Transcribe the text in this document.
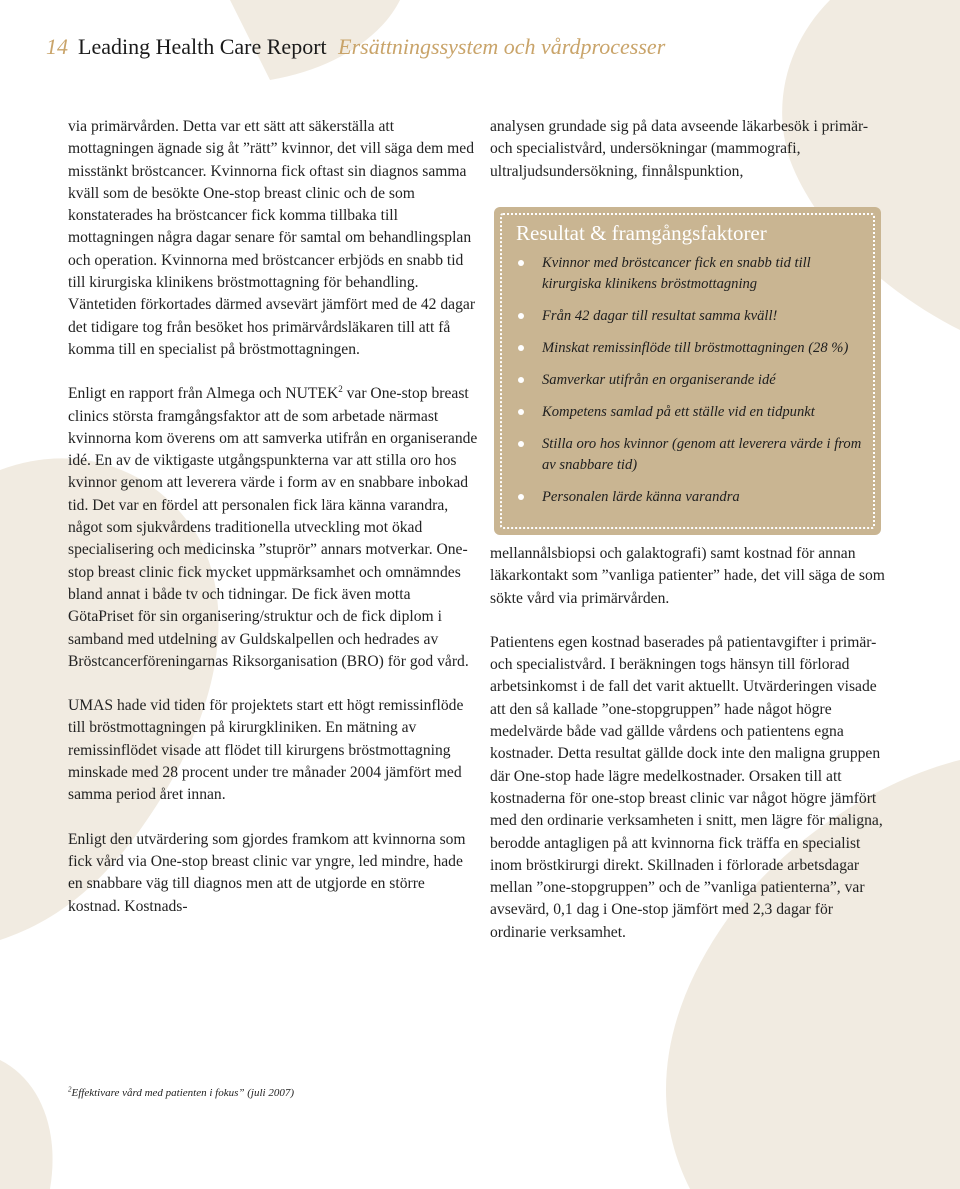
14 Leading Health Care Report Ersättningssystem och vårdprocesser

via primärvården. Detta var ett sätt att säkerställa att mottagningen ägnade sig åt ”rätt” kvinnor, det vill säga dem med misstänkt bröstcancer. Kvinnorna fick oftast sin diagnos samma kväll som de besökte One-stop breast clinic och de som konstaterades ha bröstcancer fick komma tillbaka till mottagningen några dagar senare för samtal om behandlingsplan och operation. Kvinnorna med bröstcancer erbjöds en snabb tid till kirurgiska klinikens bröstmottagning för behandling. Väntetiden förkortades därmed avsevärt jämfört med de 42 dagar det tidigare tog från besöket hos primärvårdsläkaren till att få komma till en specialist på bröstmottagningen.

Enligt en rapport från Almega och NUTEK$^2$ var One-stop breast clinics största framgångsfaktor att de som arbetade närmast kvinnorna kom överens om att samverka utifrån en organiserande idé. En av de viktigaste utgångspunkterna var att stilla oro hos kvinnor genom att leverera värde i form av en snabbare inbokad tid. Det var en fördel att personalen fick lära känna varandra, något som sjukvårdens traditionella utveckling mot ökad specialisering och medicinska ”stuprör” annars motverkar. One-stop breast clinic fick mycket uppmärksamhet och omnämndes bland annat i både tv och tidningar. De fick även motta GötaPriset för sin organisering/struktur och de fick diplom i samband med utdelning av Guldskalpellen och hedrades av Bröstcancerföreningarnas Riksorganisation (BRO) för god vård.

UMAS hade vid tiden för projektets start ett högt remissinflöde till bröstmottagningen på kirurgkliniken. En mätning av remissinflödet visade att flödet till kirurgens bröstmottagning minskade med 28 procent under tre månader 2004 jämfört med samma period året innan.

Enligt den utvärdering som gjordes framkom att kvinnorna som fick vård via One-stop breast clinic var yngre, led mindre, hade en snabbare väg till diagnos men att de utgjorde en större kostnad. Kostnads-

analysen grundade sig på data avseende läkarbesök i primär- och specialistvård, undersökningar (mammografi, ultraljudsundersökning, finnålspunktion,

Resultat & framgångsfaktorer
Kvinnor med bröstcancer fick en snabb tid till kirurgiska klinikens bröstmottagning
Från 42 dagar till resultat samma kväll!
Minskat remissinflöde till bröstmottagningen (28 %)
Samverkar utifrån en organiserande idé
Kompetens samlad på ett ställe vid en tidpunkt
Stilla oro hos kvinnor (genom att leverera värde i from av snabbare tid)
Personalen lärde känna varandra

mellannålsbiopsi och galaktografi) samt kostnad för annan läkarkontakt som ”vanliga patienter” hade, det vill säga de som sökte vård via primärvården.

Patientens egen kostnad baserades på patientavgifter i primär- och specialistvård. I beräkningen togs hänsyn till förlorad arbetsinkomst i de fall det varit aktuellt. Utvärderingen visade att den så kallade ”one-stopgruppen” hade något högre medelvärde både vad gällde vårdens och patientens egna kostnader. Detta resultat gällde dock inte den maligna gruppen där One-stop hade lägre medelkostnader. Orsaken till att kostnaderna för one-stop breast clinic var något högre jämfört med den ordinarie verksamheten i snitt, men lägre för maligna, berodde antagligen på att kvinnorna fick träffa en specialist inom bröstkirurgi direkt. Skillnaden i förlorade arbetsdagar mellan ”one-stopgruppen” och de ”vanliga patienterna”, var avsevärd, 0,1 dag i One-stop jämfört med 2,3 dagar för ordinarie verksamhet.

$^2$Effektivare vård med patienten i fokus” (juli 2007)
